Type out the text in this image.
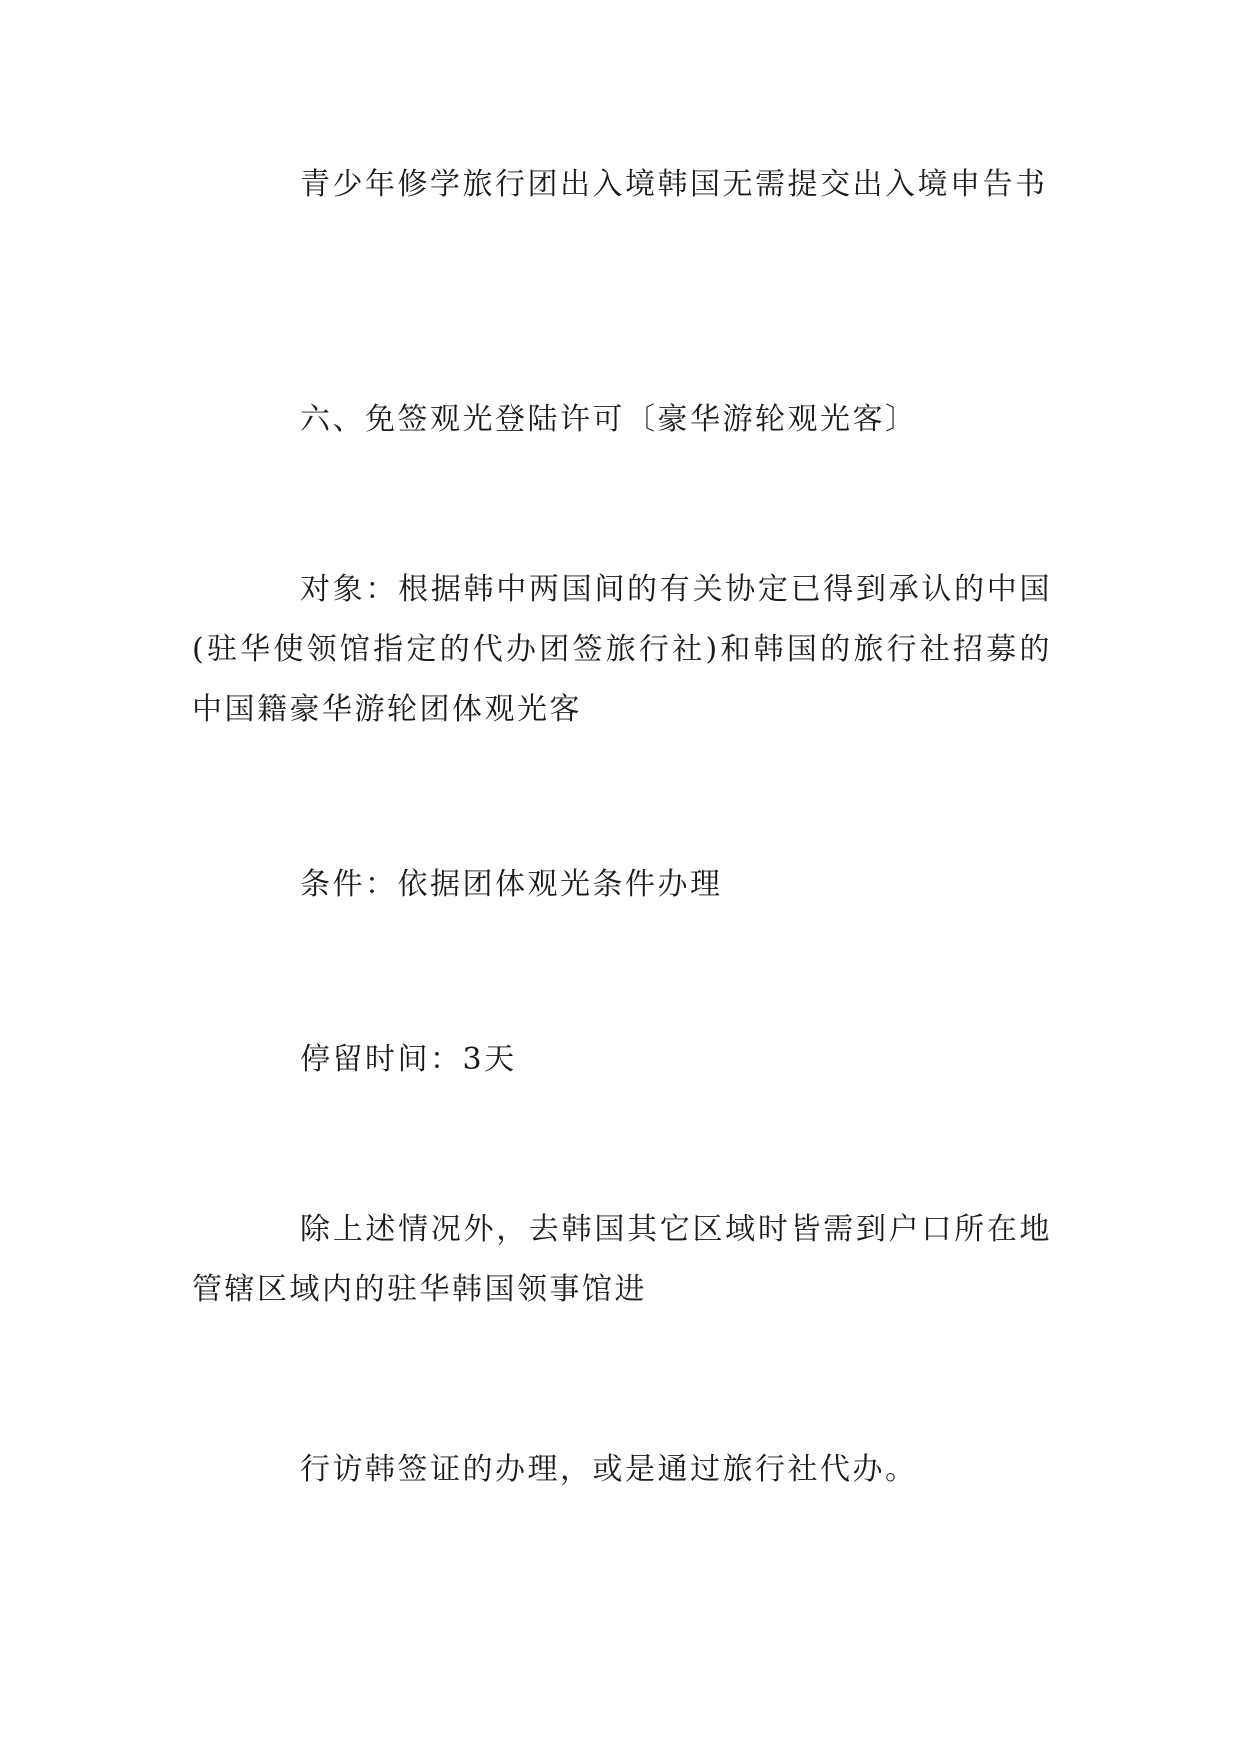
青少年修学旅行团出入境韩国无需提交出入境申告书

六、免签观光登陆许可〔豪华游轮观光客〕

对象：根据韩中两国间的有关协定已得到承认的中国(驻华使领馆指定的代办团签旅行社)和韩国的旅行社招募的中国籍豪华游轮团体观光客

条件：依据团体观光条件办理

停留时间：3天

除上述情况外，去韩国其它区域时皆需到户口所在地管辖区域内的驻华韩国领事馆进

行访韩签证的办理，或是通过旅行社代办。
